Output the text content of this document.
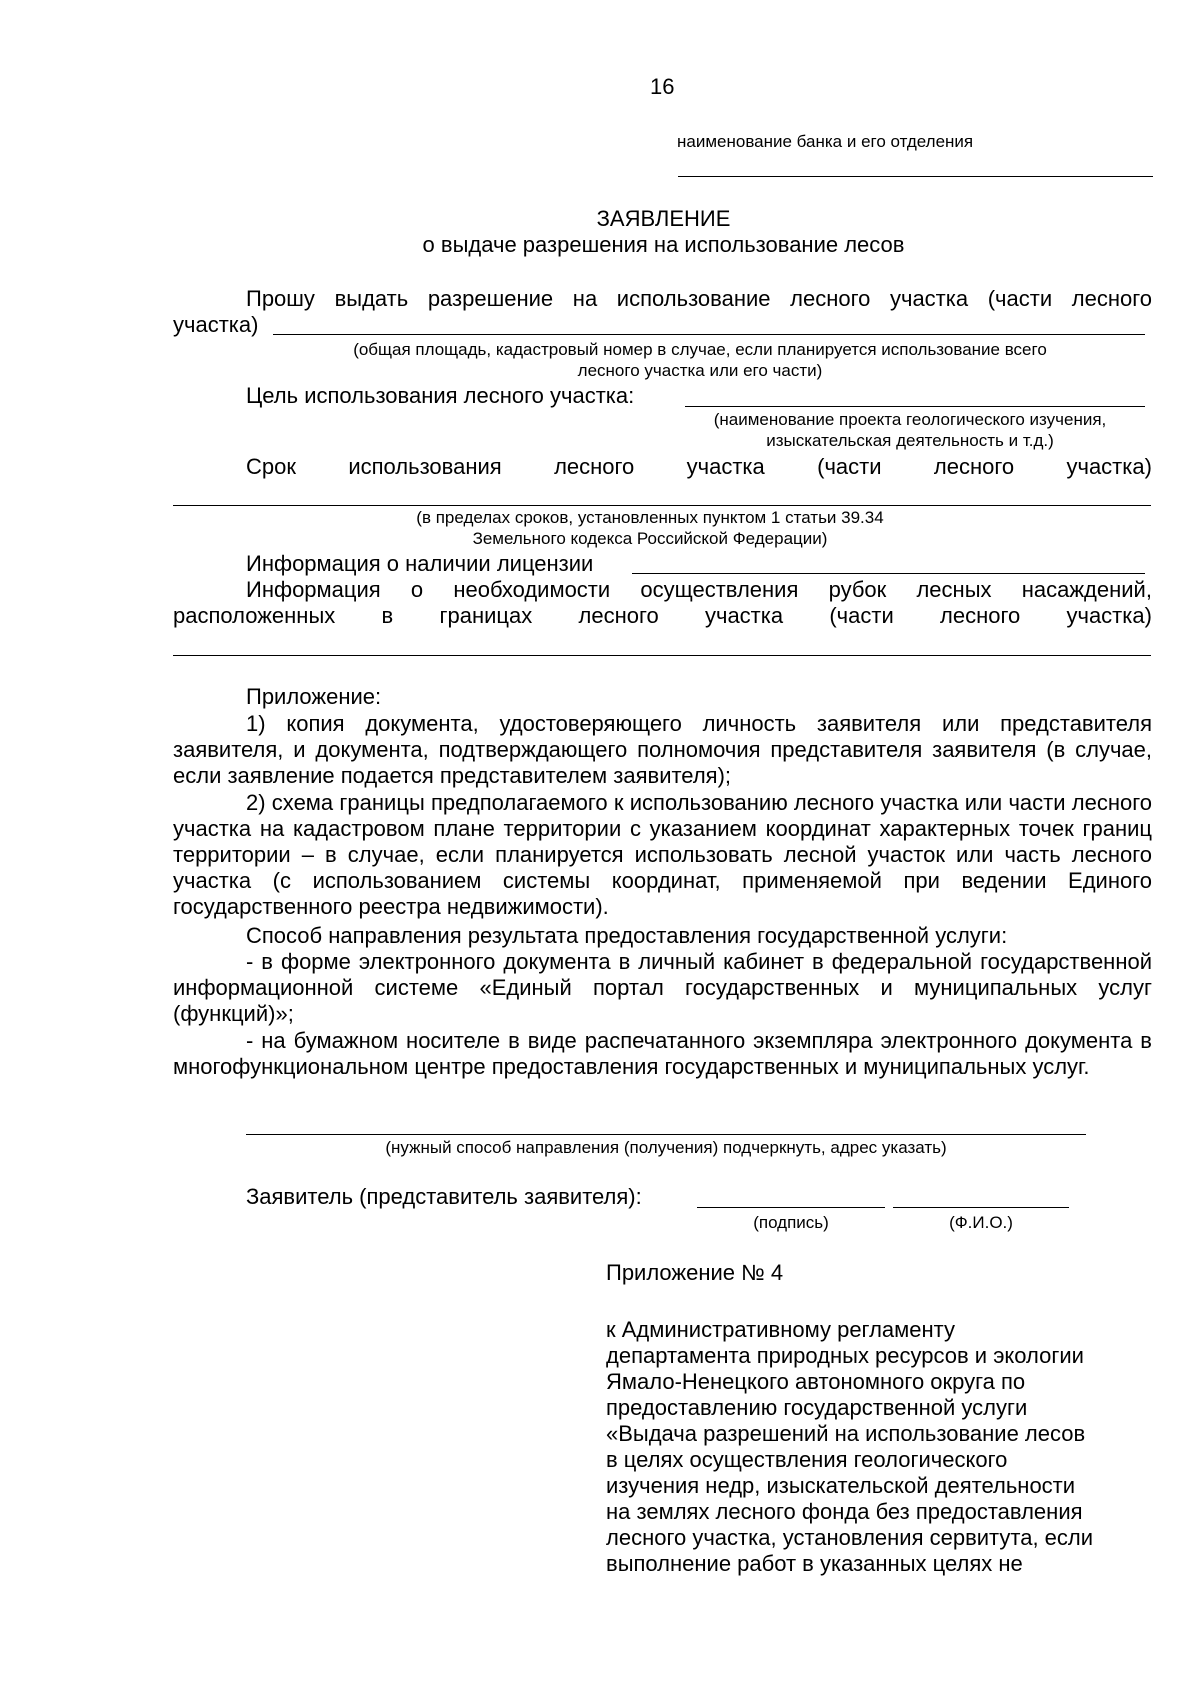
16
наименование банка и его отделения
ЗАЯВЛЕНИЕ
о выдаче разрешения на использование лесов
Прошу выдать разрешение на использование лесного участка (части лесного
участка)
(общая площадь, кадастровый номер в случае, если планируется использование всего
лесного участка или его части)
Цель использования лесного участка:
(наименование проекта геологического изучения,
изыскательская деятельность и т.д.)
Срок использования лесного участка (части лесного участка)
(в пределах сроков, установленных пунктом 1 статьи 39.34
Земельного кодекса Российской Федерации)
Информация о наличии лицензии
Информация о необходимости осуществления рубок лесных насаждений,
расположенных в границах лесного участка (части лесного участка)
Приложение:
1) копия документа, удостоверяющего личность заявителя или представителя заявителя, и документа, подтверждающего полномочия представителя заявителя (в случае, если заявление подается представителем заявителя);
2) схема границы предполагаемого к использованию лесного участка или части лесного участка на кадастровом плане территории с указанием координат характерных точек границ территории – в случае, если планируется использовать лесной участок или часть лесного участка (с использованием системы координат, применяемой при ведении Единого государственного реестра недвижимости).
Способ направления результата предоставления государственной услуги:
- в форме электронного документа в личный кабинет в федеральной государственной информационной системе «Единый портал государственных и муниципальных услуг (функций)»;
- на бумажном носителе в виде распечатанного экземпляра электронного документа в многофункциональном центре предоставления государственных и муниципальных услуг.
(нужный способ направления (получения) подчеркнуть, адрес указать)
Заявитель (представитель заявителя):
(подпись)	(Ф.И.О.)
Приложение № 4
к Административному регламенту
департамента природных ресурсов и экологии
Ямало-Ненецкого автономного округа по
предоставлению государственной услуги
«Выдача разрешений на использование лесов
в целях осуществления геологического
изучения недр, изыскательской деятельности
на землях лесного фонда без предоставления
лесного участка, установления сервитута, если
выполнение работ в указанных целях не
